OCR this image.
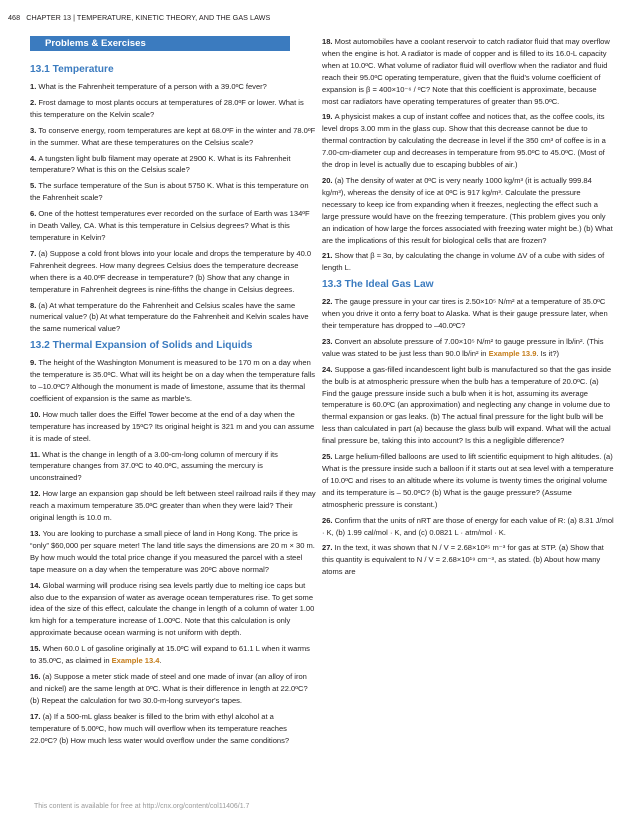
468 CHAPTER 13 | TEMPERATURE, KINETIC THEORY, AND THE GAS LAWS
Problems & Exercises
13.1 Temperature

1. What is the Fahrenheit temperature of a person with a 39.0ºC fever?

2. Frost damage to most plants occurs at temperatures of 28.0ºF or lower. What is this temperature on the Kelvin scale?

3. To conserve energy, room temperatures are kept at 68.0ºF in the winter and 78.0ºF in the summer. What are these temperatures on the Celsius scale?

4. A tungsten light bulb filament may operate at 2900 K. What is its Fahrenheit temperature? What is this on the Celsius scale?

5. The surface temperature of the Sun is about 5750 K. What is this temperature on the Fahrenheit scale?

6. One of the hottest temperatures ever recorded on the surface of Earth was 134ºF in Death Valley, CA. What is this temperature in Celsius degrees? What is this temperature in Kelvin?

7. (a) Suppose a cold front blows into your locale and drops the temperature by 40.0 Fahrenheit degrees. How many degrees Celsius does the temperature decrease when there is a 40.0ºF decrease in temperature? (b) Show that any change in temperature in Fahrenheit degrees is nine-fifths the change in Celsius degrees.

8. (a) At what temperature do the Fahrenheit and Celsius scales have the same numerical value? (b) At what temperature do the Fahrenheit and Kelvin scales have the same numerical value?

13.2 Thermal Expansion of Solids and Liquids

9. The height of the Washington Monument is measured to be 170 m on a day when the temperature is 35.0ºC. What will its height be on a day when the temperature falls to –10.0ºC? Although the monument is made of limestone, assume that its thermal coefficient of expansion is the same as marble's.

10. How much taller does the Eiffel Tower become at the end of a day when the temperature has increased by 15ºC? Its original height is 321 m and you can assume it is made of steel.

11. What is the change in length of a 3.00-cm-long column of mercury if its temperature changes from 37.0ºC to 40.0ºC, assuming the mercury is unconstrained?

12. How large an expansion gap should be left between steel railroad rails if they may reach a maximum temperature 35.0ºC greater than when they were laid? Their original length is 10.0 m.

13. You are looking to purchase a small piece of land in Hong Kong. The price is “only” $60,000 per square meter! The land title says the dimensions are 20 m × 30 m. By how much would the total price change if you measured the parcel with a steel tape measure on a day when the temperature was 20ºC above normal?

14. Global warming will produce rising sea levels partly due to melting ice caps but also due to the expansion of water as average ocean temperatures rise. To get some idea of the size of this effect, calculate the change in length of a column of water 1.00 km high for a temperature increase of 1.00ºC. Note that this calculation is only approximate because ocean warming is not uniform with depth.

15. When 60.0 L of gasoline originally at 15.0ºC will expand to 61.1 L when it warms to 35.0ºC, as claimed in Example 13.4.

16. (a) Suppose a meter stick made of steel and one made of invar (an alloy of iron and nickel) are the same length at 0ºC. What is their difference in length at 22.0ºC? (b) Repeat the calculation for two 30.0-m-long surveyor's tapes.

17. (a) If a 500-mL glass beaker is filled to the brim with ethyl alcohol at a temperature of 5.00ºC, how much will overflow when its temperature reaches 22.0ºC? (b) How much less water would overflow under the same conditions?

18. Most automobiles have a coolant reservoir to catch radiator fluid that may overflow when the engine is hot. A radiator is made of copper and is filled to its 16.0-L capacity when at 10.0ºC. What volume of radiator fluid will overflow when the radiator and fluid reach their 95.0ºC operating temperature, given that the fluid's volume coefficient of expansion is β = 400×10⁻⁶ / ºC? Note that this coefficient is approximate, because most car radiators have operating temperatures of greater than 95.0ºC.

19. A physicist makes a cup of instant coffee and notices that, as the coffee cools, its level drops 3.00 mm in the glass cup. Show that this decrease cannot be due to thermal contraction by calculating the decrease in level if the 350 cm³ of coffee is in a 7.00-cm-diameter cup and decreases in temperature from 95.0ºC to 45.0ºC. (Most of the drop in level is actually due to escaping bubbles of air.)

20. (a) The density of water at 0ºC is very nearly 1000 kg/m³ (it is actually 999.84 kg/m³), whereas the density of ice at 0ºC is 917 kg/m³. Calculate the pressure necessary to keep ice from expanding when it freezes, neglecting the effect such a large pressure would have on the freezing temperature. (This problem gives you only an indication of how large the forces associated with freezing water might be.) (b) What are the implications of this result for biological cells that are frozen?

21. Show that β ≈ 3α, by calculating the change in volume ΔV of a cube with sides of length L.

13.3 The Ideal Gas Law

22. The gauge pressure in your car tires is 2.50×10⁵ N/m² at a temperature of 35.0ºC when you drive it onto a ferry boat to Alaska. What is their gauge pressure later, when their temperature has dropped to –40.0ºC?

23. Convert an absolute pressure of 7.00×10⁵ N/m² to gauge pressure in lb/in². (This value was stated to be just less than 90.0 lb/in² in Example 13.9. Is it?)

24. Suppose a gas-filled incandescent light bulb is manufactured so that the gas inside the bulb is at atmospheric pressure when the bulb has a temperature of 20.0ºC. (a) Find the gauge pressure inside such a bulb when it is hot, assuming its average temperature is 60.0ºC (an approximation) and neglecting any change in volume due to thermal expansion or gas leaks. (b) The actual final pressure for the light bulb will be less than calculated in part (a) because the glass bulb will expand. What will the actual final pressure be, taking this into account? Is this a negligible difference?

25. Large helium-filled balloons are used to lift scientific equipment to high altitudes. (a) What is the pressure inside such a balloon if it starts out at sea level with a temperature of 10.0ºC and rises to an altitude where its volume is twenty times the original volume and its temperature is – 50.0ºC? (b) What is the gauge pressure? (Assume atmospheric pressure is constant.)

26. Confirm that the units of nRT are those of energy for each value of R: (a) 8.31 J/mol · K, (b) 1.99 cal/mol · K, and (c) 0.0821 L · atm/mol · K.

27. In the text, it was shown that N / V = 2.68×10²⁵ m⁻³ for gas at STP. (a) Show that this quantity is equivalent to N / V = 2.68×10¹⁹ cm⁻³, as stated. (b) About how many atoms are

This content is available for free at http://cnx.org/content/col11406/1.7
